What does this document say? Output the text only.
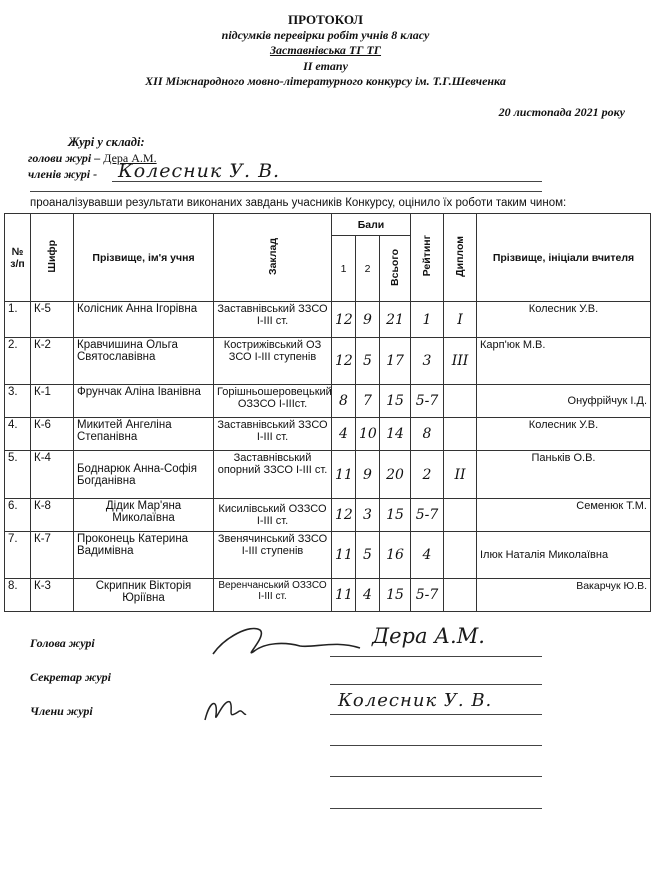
ПРОТОКОЛ
підсумків перевірки робіт учнів 8 класу
Заставнівська ТГ ТГ
ІІ етапу
ХІІ Міжнародного мовно-літературного конкурсу ім. Т.Г.Шевченка
20 листопада 2021 року
Журі у складі:
голови журі – Дера А.М.
членів журі - Колесник У. В.
проаналізувавши результати виконаних завдань учасників Конкурсу, оцінило їх роботи таким чином:
№ з/п	Шифр	Прізвище, ім'я учня	Заклад	Бали			Рейтинг	Диплом	Прізвище, ініціали вчителя
				1	2	Всього			
1.	К-5	Колісник Анна Ігорівна	Заставнівський ЗЗСО І-ІІІ ст.	12	9	21	1	I	Колесник У.В.
2.	К-2	Кравчишина Ольга Святославівна	Кострижівський ОЗ ЗСО І-ІІІ ступенів	12	5	17	3	III	Карп'юк М.В.
3.	К-1	Фрунчак Аліна Іванівна	Горішньошеровецький ОЗЗСО І-ІІІст.	8	7	15	5-7		Онуфрійчук І.Д.
4.	К-6	Микитей Ангеліна Степанівна	Заставнівський ЗЗСО І-ІІІ ст.	4	10	14	8		Колесник У.В.
5.	К-4	Боднарюк Анна-Софія Богданівна	Заставнівський опорний ЗЗСО І-ІІІ ст.	11	9	20	2	II	Паньків О.В.
6.	К-8	Дідик Мар'яна Миколаївна	Кисилівський ОЗЗСО І-ІІІ ст.	12	3	15	5-7		Семенюк Т.М.
7.	К-7	Проконець Катерина Вадимівна	Звенячинський ЗЗСО І-ІІІ ступенів	11	5	16	4		Ілюк Наталія Миколаївна
8.	К-3	Скрипник Вікторія Юріївна	Веренчанський ОЗЗСО І-ІІІ ст.	11	4	15	5-7		Вакарчук Ю.В.
Голова журі	Дера А.М.
Секретар журі
Члени журі	Колесник У. В.
